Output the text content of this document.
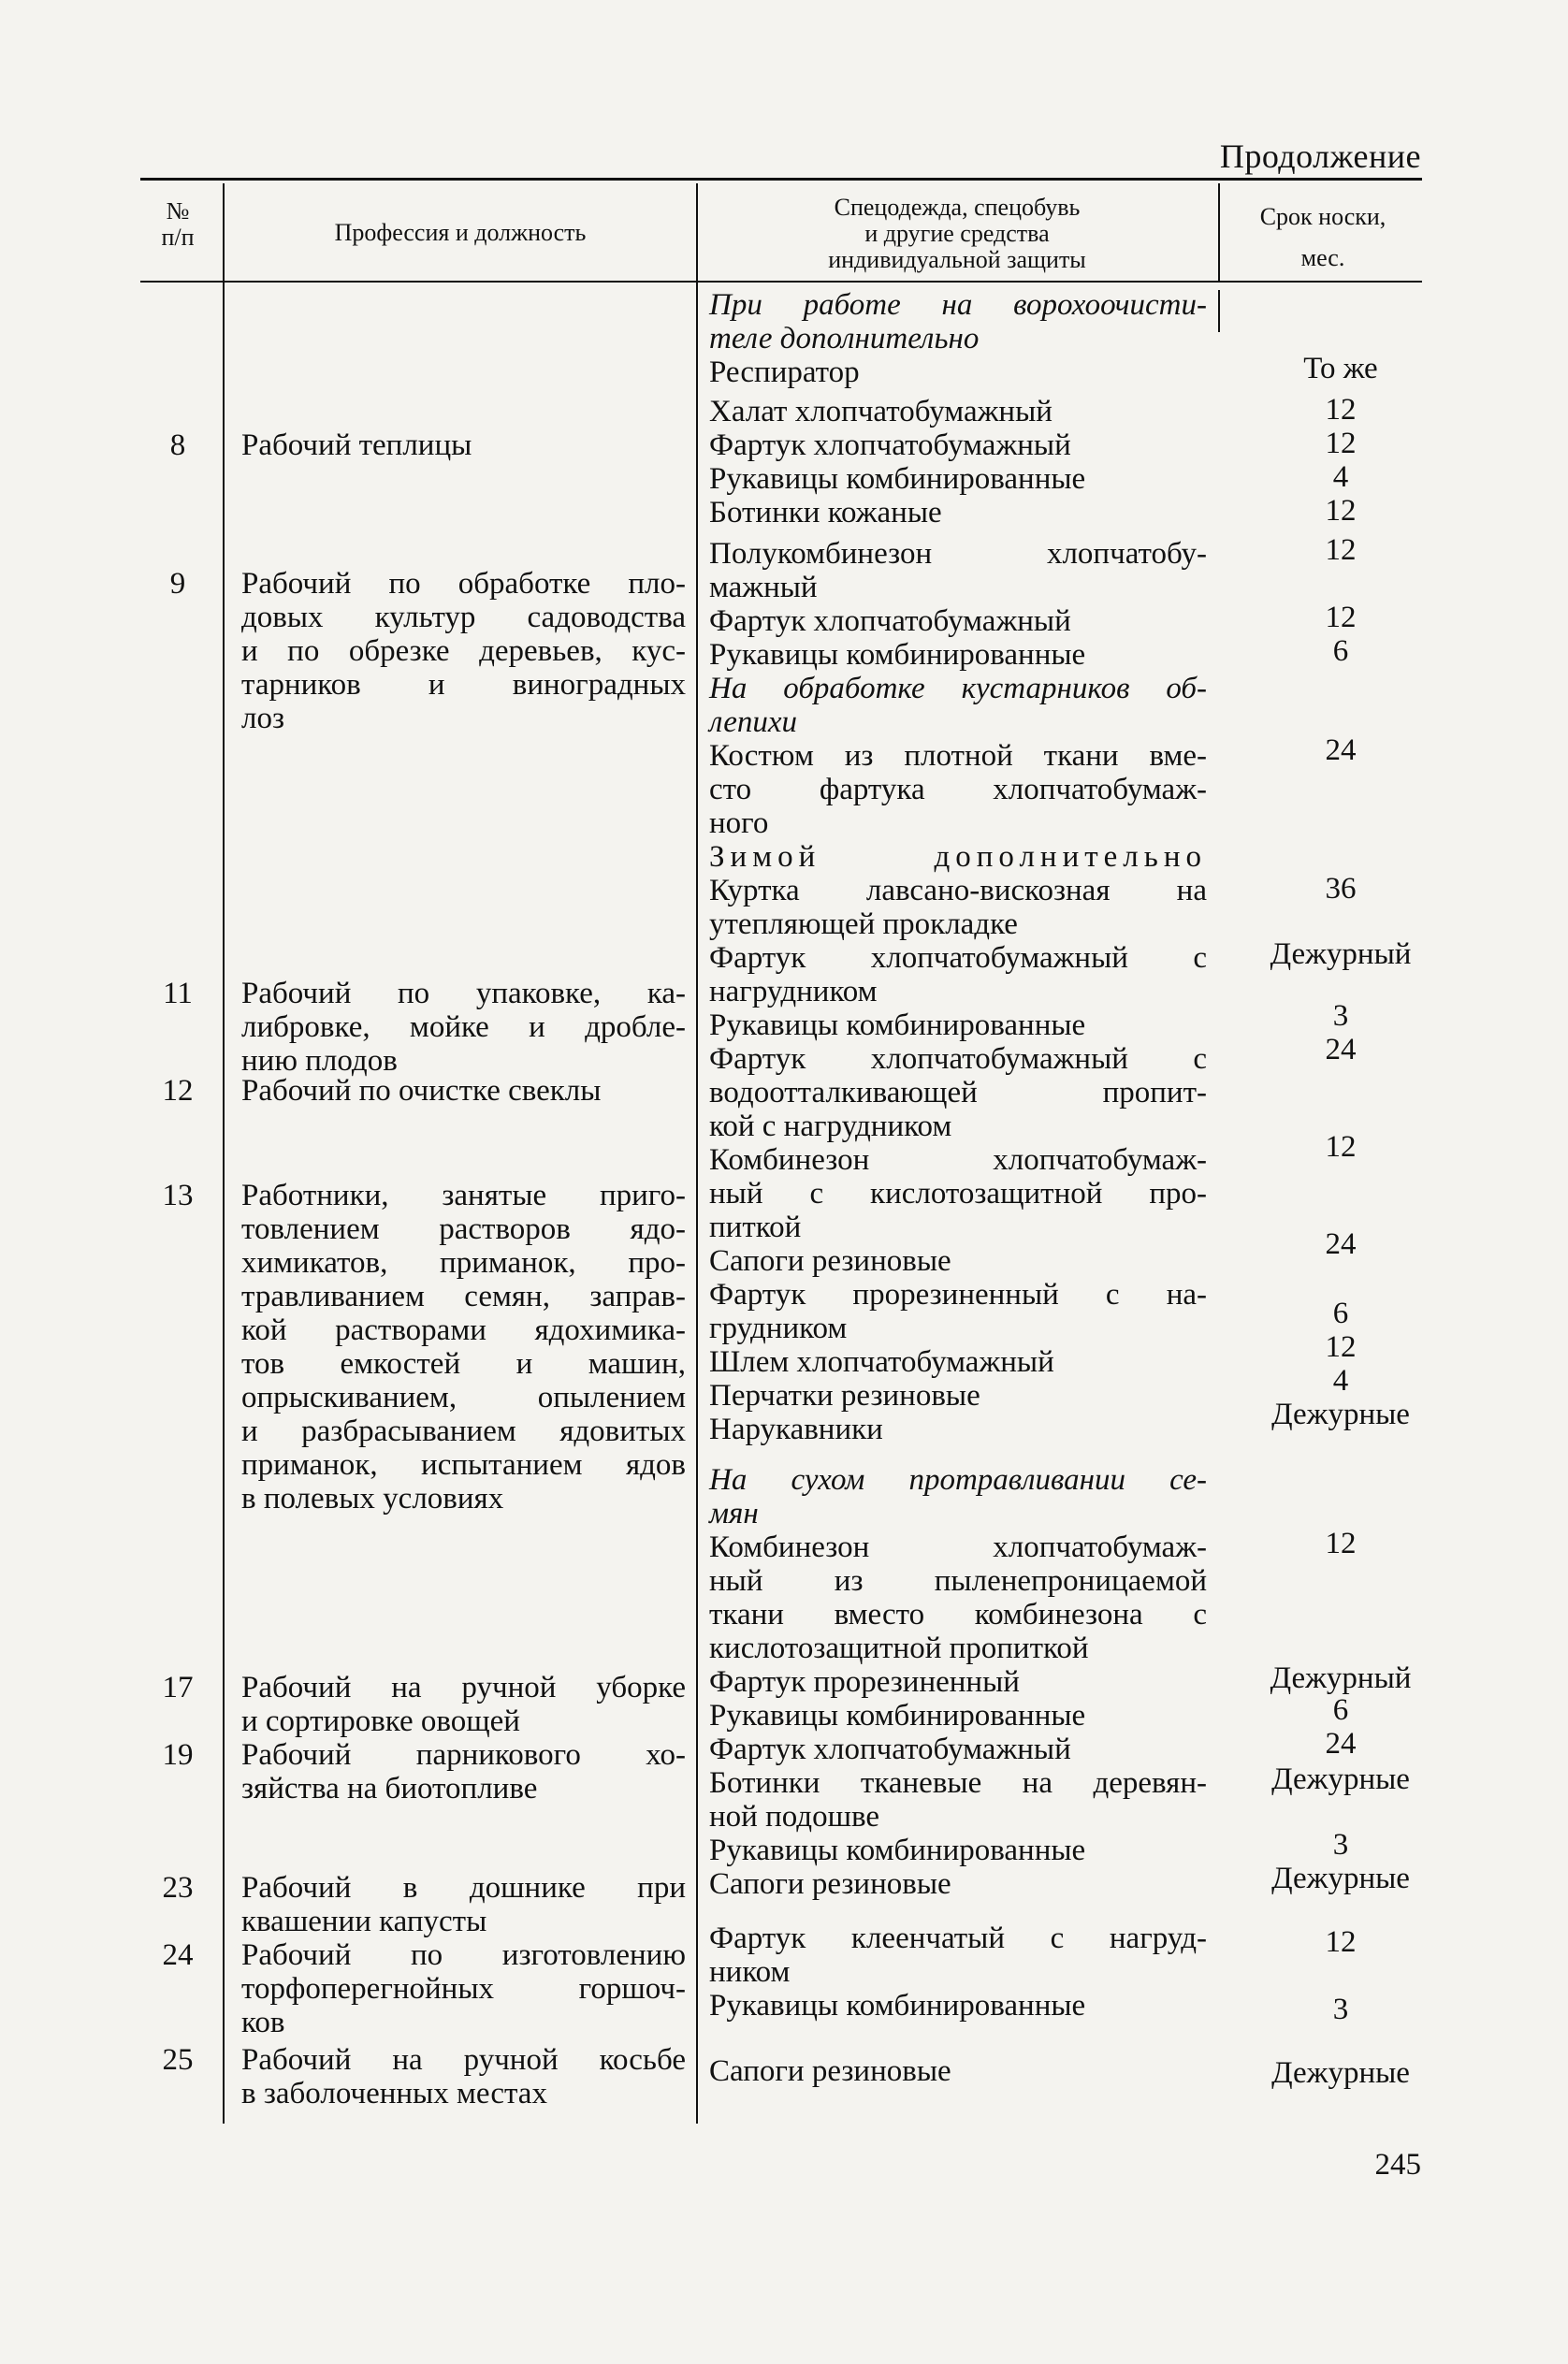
Продолжение
№
п/п	Профессия и должность
Спецодежда, спецобувь
и другие средства
индивидуальной защиты
Срок носки,
мес.
8
9
11
12
13
17
19
23
24
25
Рабочий теплицы
Рабочий по обработке пло-
довых культур садоводства
и по обрезке деревьев, кус-
тарников и виноградных
лоз
Рабочий по упаковке, ка-
либровке, мойке и дробле-
нию плодов
Рабочий по очистке свеклы
Работники, занятые приго-
товлением растворов ядо-
химикатов, приманок, про-
травливанием семян, заправ-
кой растворами ядохимика-
тов емкостей и машин,
опрыскиванием, опылением
и разбрасыванием ядовитых
приманок, испытанием ядов
в полевых условиях
Рабочий на ручной уборке
и сортировке овощей
Рабочий парникового хо-
зяйства на биотопливе
Рабочий в дошнике при
квашении капусты
Рабочий по изготовлению
торфоперегнойных горшоч-
ков
Рабочий на ручной косьбе
в заболоченных местах
При работе на ворохоочисти-
теле дополнительно
Респиратор
Халат хлопчатобумажный
Фартук хлопчатобумажный
Рукавицы комбинированные
Ботинки кожаные
Полукомбинезон хлопчатобу-
мажный
Фартук хлопчатобумажный
Рукавицы комбинированные
На обработке кустарников об-
лепихи
Костюм из плотной ткани вме-
сто фартука хлопчатобумаж-
ного
Зимой дополнительно
Куртка лавсано-вискозная на
утепляющей прокладке
Фартук хлопчатобумажный с
нагрудником
Рукавицы комбинированные
Фартук хлопчатобумажный с
водоотталкивающей пропит-
кой с нагрудником
Комбинезон хлопчатобумаж-
ный с кислотозащитной про-
питкой
Сапоги резиновые
Фартук прорезиненный с на-
грудником
Шлем хлопчатобумажный
Перчатки резиновые
Нарукавники
На сухом протравливании се-
мян
Комбинезон хлопчатобумаж-
ный из пыленепроницаемой
ткани вместо комбинезона с
кислотозащитной пропиткой
Фартук прорезиненный
Рукавицы комбинированные
Фартук хлопчатобумажный
Ботинки тканевые на деревян-
ной подошве
Рукавицы комбинированные
Сапоги резиновые
Фартук клеенчатый с нагруд-
ником
Рукавицы комбинированные
Сапоги резиновые
То же
12
12
4
12
12
12
6
24
36
Дежурный
3
24
12
24
6
12
4
Дежурные
12
Дежурный
6
24
Дежурные
3
Дежурные
12
3
Дежурные
245
